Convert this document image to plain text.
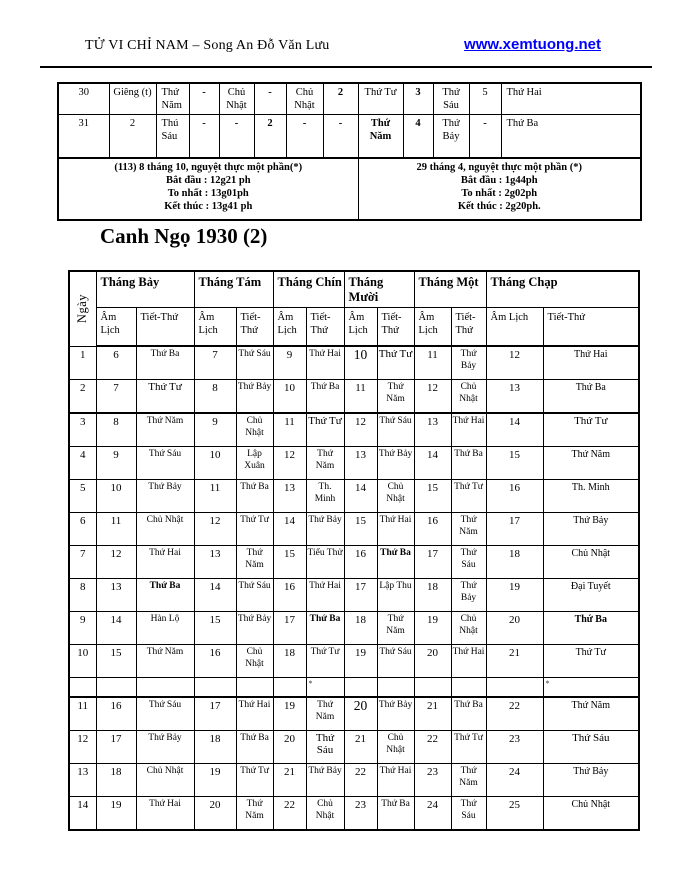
TỬ VI CHỈ NAM – Song An Đỗ Văn Lưu	www.xemtuong.net
30	Giêng (t)	Thứ Năm	-	Chủ Nhật	-	Chủ Nhật	2	Thứ Tư	3	Thứ Sáu	5	Thứ Hai
31	2	Thú Sáu	-	-	2	-	-	Thứ Năm	4	Thứ Bảy	-	Thứ Ba

(113) 8 tháng 10, nguyệt thực một phần(*)
Bắt đầu : 12g21 ph
To nhất : 13g01ph
Kết thúc : 13g41 ph

29 tháng 4, nguyệt thực một phần (*)
Bắt đầu : 1g44ph
To nhất : 2g02ph
Kết thúc : 2g20ph.
Canh Ngọ 1930 (2)
Ngày	Tháng Bảy		Tháng Tám		Tháng Chín		Tháng Mười		Tháng Một		Tháng Chạp	
	Âm Lịch	Tiết-Thứ	Âm Lịch	Tiết-Thứ	Âm Lịch	Tiết-Thứ	Âm Lịch	Tiết-Thứ	Âm Lịch	Tiết-Thứ	Âm Lịch	Tiết-Thứ
1	6	Thứ Ba	7	Thứ Sáu	9	Thứ Hai	10	Thứ Tư	11	Thứ Bảy	12	Thứ Hai
2	7	Thứ Tư	8	Thứ Bảy	10	Thứ Ba	11	Thứ Năm	12	Chủ Nhật	13	Thứ Ba
3	8	Thứ Năm	9	Chủ Nhật	11	Thứ Tư	12	Thứ Sáu	13	Thứ Hai	14	Thứ Tư
4	9	Thứ Sáu	10	Lập Xuân	12	Thứ Năm	13	Thứ Bảy	14	Thứ Ba	15	Thứ Năm
5	10	Thứ Bảy	11	Thứ Ba	13	Th. Minh	14	Chủ Nhật	15	Thứ Tư	16	Th. Minh
6	11	Chủ Nhật	12	Thứ Tư	14	Thứ Bảy	15	Thứ Hai	16	Thứ Năm	17	Thứ Bảy
7	12	Thứ Hai	13	Thứ Năm	15	Tiểu Thử	16	Thứ Ba	17	Thứ Sáu	18	Chủ Nhật
8	13	Thứ Ba	14	Thứ Sáu	16	Thứ Hai	17	Lập Thu	18	Thứ Bảy	19	Đại Tuyết
9	14	Hàn Lộ	15	Thứ Bảy	17	Thứ Ba	18	Thứ Năm	19	Chủ Nhật	20	Thứ Ba
10	15	Thứ Năm	16	Chủ Nhật	18	Thứ Tư	19	Thứ Sáu	20	Thứ Hai	21	Thứ Tư
						*						*
11	16	Thứ Sáu	17	Thứ Hai	19	Thứ Năm	20	Thứ Bảy	21	Thứ Ba	22	Thứ Năm
12	17	Thứ Bảy	18	Thứ Ba	20	Thứ Sáu	21	Chủ Nhật	22	Thứ Tư	23	Thứ Sáu
13	18	Chủ Nhật	19	Thứ Tư	21	Thứ Bảy	22	Thứ Hai	23	Thứ Năm	24	Thứ Bảy
14	19	Thứ Hai	20	Thứ Năm	22	Chủ Nhật	23	Thứ Ba	24	Thứ Sáu	25	Chủ Nhật
